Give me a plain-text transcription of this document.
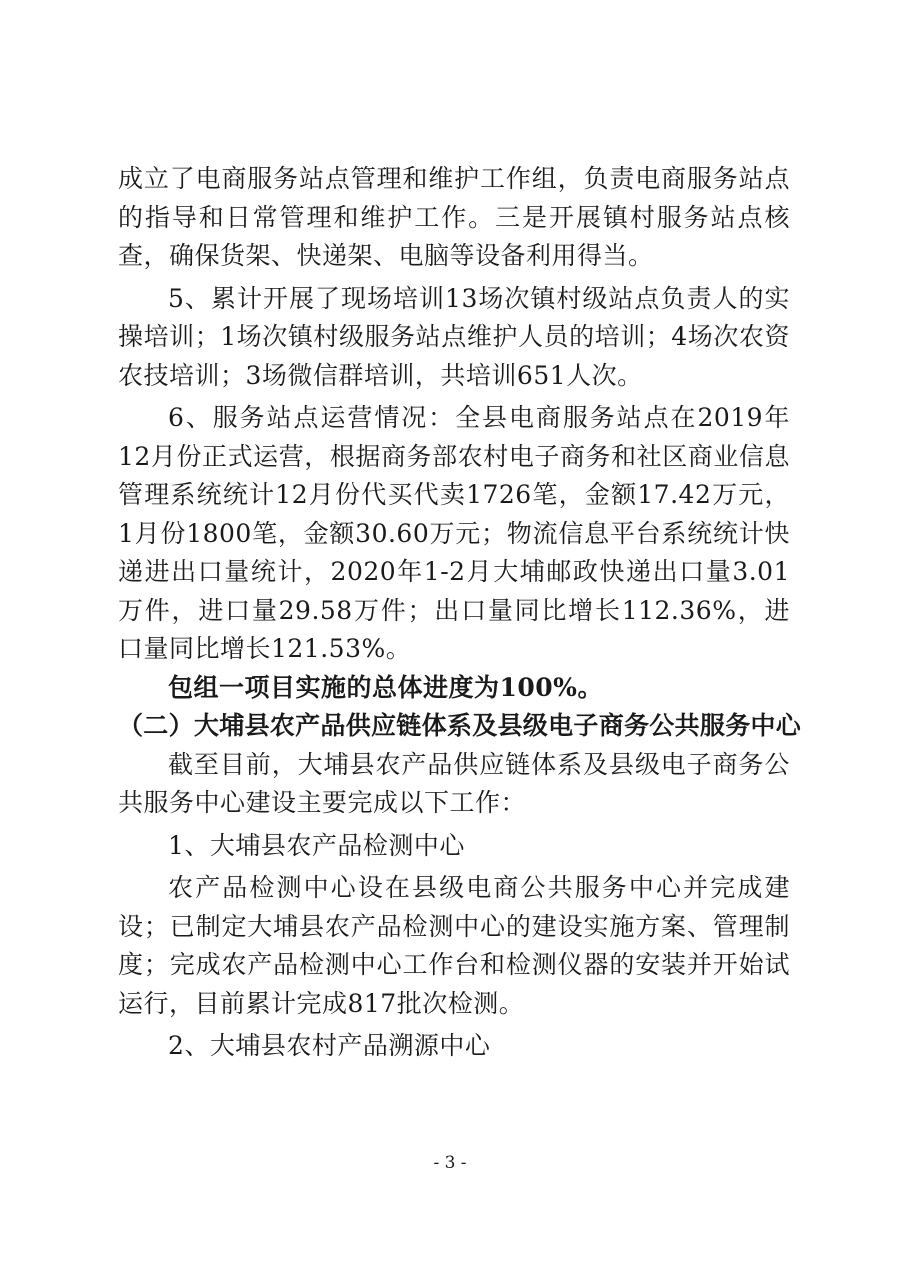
成立了电商服务站点管理和维护工作组，负责电商服务站点的指导和日常管理和维护工作。三是开展镇村服务站点核查，确保货架、快递架、电脑等设备利用得当。

5、累计开展了现场培训13场次镇村级站点负责人的实操培训；1场次镇村级服务站点维护人员的培训；4场次农资农技培训；3场微信群培训，共培训651人次。

6、服务站点运营情况：全县电商服务站点在2019年12月份正式运营，根据商务部农村电子商务和社区商业信息管理系统统计12月份代买代卖1726笔，金额17.42万元，1月份1800笔，金额30.60万元；物流信息平台系统统计快递进出口量统计，2020年1-2月大埔邮政快递出口量3.01万件，进口量29.58万件；出口量同比增长112.36%，进口量同比增长121.53%。

包组一项目实施的总体进度为100%。

（二）大埔县农产品供应链体系及县级电子商务公共服务中心

截至目前，大埔县农产品供应链体系及县级电子商务公共服务中心建设主要完成以下工作：

1、大埔县农产品检测中心

农产品检测中心设在县级电商公共服务中心并完成建设；已制定大埔县农产品检测中心的建设实施方案、管理制度；完成农产品检测中心工作台和检测仪器的安装并开始试运行，目前累计完成817批次检测。

2、大埔县农村产品溯源中心

- 3 -
